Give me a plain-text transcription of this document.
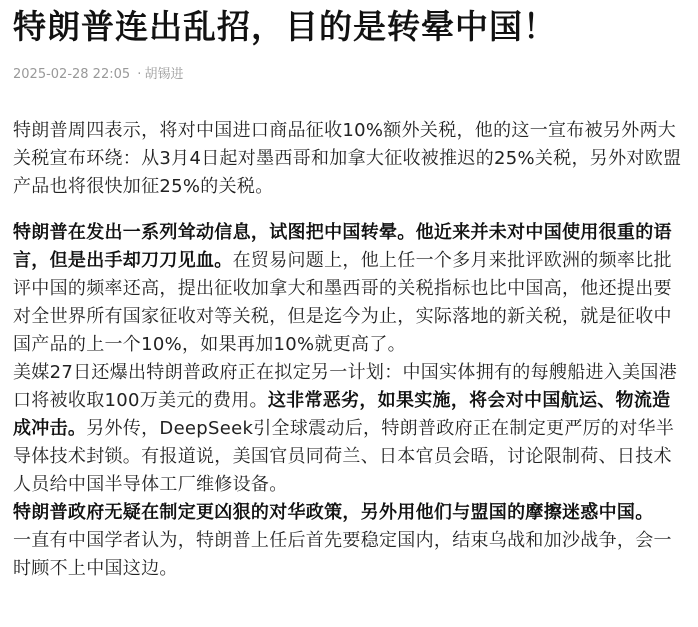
特朗普连出乱招，目的是转晕中国！
2025-02-28 22:05 · 胡锡进

特朗普周四表示，将对中国进口商品征收10%额外关税，他的这一宣布被另外两大关税宣布环绕：从3月4日起对墨西哥和加拿大征收被推迟的25%关税，另外对欧盟产品也将很快加征25%的关税。

特朗普在发出一系列耸动信息，试图把中国转晕。他近来并未对中国使用很重的语言，但是出手却刀刀见血。在贸易问题上，他上任一个多月来批评欧洲的频率比批评中国的频率还高，提出征收加拿大和墨西哥的关税指标也比中国高，他还提出要对全世界所有国家征收对等关税，但是迄今为止，实际落地的新关税，就是征收中国产品的上一个10%，如果再加10%就更高了。

美媒27日还爆出特朗普政府正在拟定另一计划：中国实体拥有的每艘船进入美国港口将被收取100万美元的费用。这非常恶劣，如果实施，将会对中国航运、物流造成冲击。另外传，DeepSeek引全球震动后，特朗普政府正在制定更严厉的对华半导体技术封锁。有报道说，美国官员同荷兰、日本官员会晤，讨论限制荷、日技术人员给中国半导体工厂维修设备。

特朗普政府无疑在制定更凶狠的对华政策，另外用他们与盟国的摩擦迷惑中国。

一直有中国学者认为，特朗普上任后首先要稳定国内，结束乌战和加沙战争，会一时顾不上中国这边。
